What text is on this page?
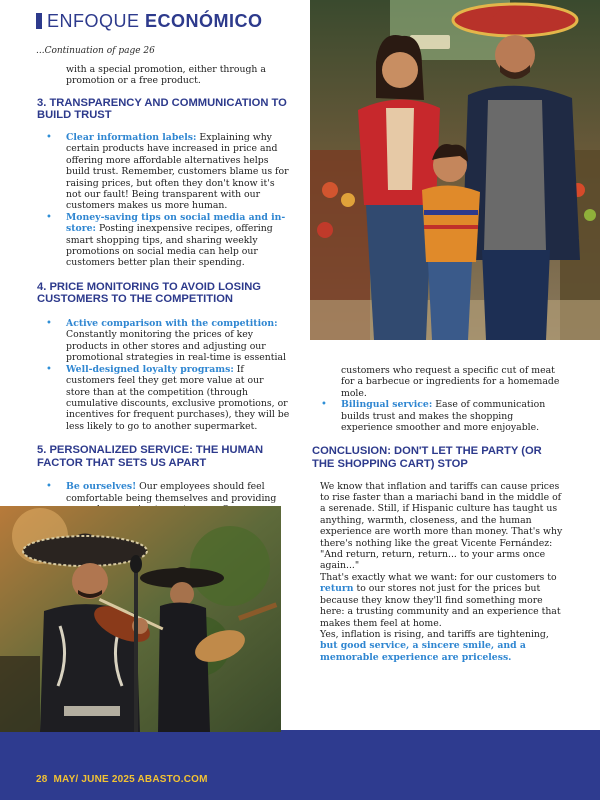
ENFOQUE ECONÓMICO
...Continuation of page 26

with a special promotion, either through a promotion or a free product.

3. TRANSPARENCY AND COMMUNICATION TO BUILD TRUST
• Clear information labels: Explaining why certain products have increased in price and offering more affordable alternatives helps build trust. Remember, customers blame us for raising prices, but often they don't know it's not our fault! Being transparent with our customers makes us more human.
• Money-saving tips on social media and in-store: Posting inexpensive recipes, offering smart shopping tips, and sharing weekly promotions on social media can help our customers better plan their spending.
4. PRICE MONITORING TO AVOID LOSING CUSTOMERS TO THE COMPETITION
• Active comparison with the competition: Constantly monitoring the prices of key products in other stores and adjusting our promotional strategies in real-time is essential
• Well-designed loyalty programs: If customers feel they get more value at our store than at the competition (through cumulative discounts, exclusive promotions, or incentives for frequent purchases), they will be less likely to go to another supermarket.
5. PERSONALIZED SERVICE: THE HUMAN FACTOR THAT SETS US APART
• Be ourselves! Our employees should feel comfortable being themselves and providing

customers who request a specific cut of meat for a barbecue or ingredients for a homemade mole.

• Bilingual service: Ease of communication builds trust and makes the shopping experience smoother and more enjoyable.
CONCLUSION: DON'T LET THE PARTY (OR THE SHOPPING CART) STOP

We know that inflation and tariffs can cause prices to rise faster than a mariachi band in the middle of a serenade. Still, if Hispanic culture has taught us anything, warmth, closeness, and the human experience are worth more than money. That's why there's nothing like the great Vicente Fernández: "And return, return, return... to your arms once again..."

That's exactly what we want: for our customers to return to our stores not just for the prices but because they know they'll find something more here: a trusting community and an experience that makes them feel at home.

Yes, inflation is rising, and tariffs are tightening, but good service, a sincere smile, and a memorable experience are priceless.

28 MAY/ JUNE 2025 ABASTO.COM
